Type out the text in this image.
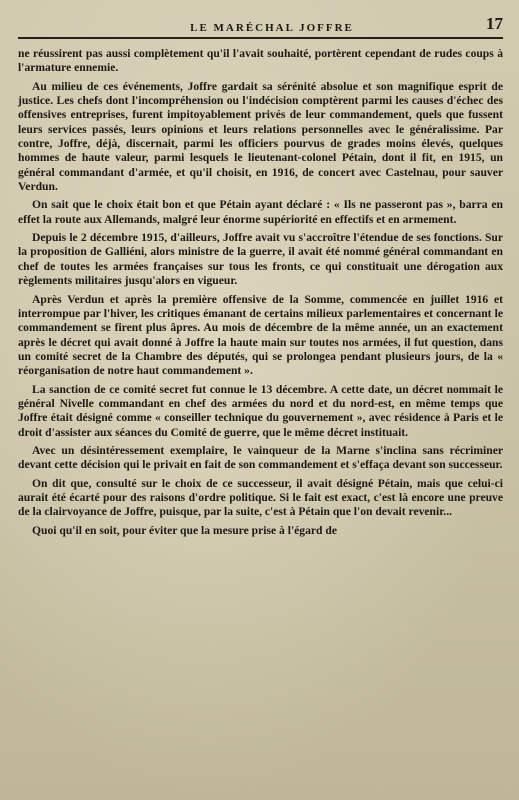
LE MARÉCHAL JOFFRE	17

ne réussirent pas aussi complètement qu'il l'avait souhaité, portèrent cependant de rudes coups à l'armature ennemie.

Au milieu de ces événements, Joffre gardait sa sérénité absolue et son magnifique esprit de justice. Les chefs dont l'incompréhension ou l'indécision comptèrent parmi les causes d'échec des offensives entreprises, furent impitoyablement privés de leur commandement, quels que fussent leurs services passés, leurs opinions et leurs relations personnelles avec le généralissime. Par contre, Joffre, déjà, discernait, parmi les officiers pourvus de grades moins élevés, quelques hommes de haute valeur, parmi lesquels le lieutenant-colonel Pétain, dont il fit, en 1915, un général commandant d'armée, et qu'il choisit, en 1916, de concert avec Castelnau, pour sauver Verdun.

On sait que le choix était bon et que Pétain ayant déclaré : « Ils ne passeront pas », barra en effet la route aux Allemands, malgré leur énorme supériorité en effectifs et en armement.

Depuis le 2 décembre 1915, d'ailleurs, Joffre avait vu s'accroître l'étendue de ses fonctions. Sur la proposition de Galliéni, alors ministre de la guerre, il avait été nommé général commandant en chef de toutes les armées françaises sur tous les fronts, ce qui constituait une dérogation aux règlements militaires jusqu'alors en vigueur.

Après Verdun et après la première offensive de la Somme, commencée en juillet 1916 et interrompue par l'hiver, les critiques émanant de certains milieux parlementaires et concernant le commandement se firent plus âpres. Au mois de décembre de la même année, un an exactement après le décret qui avait donné à Joffre la haute main sur toutes nos armées, il fut question, dans un comité secret de la Chambre des députés, qui se prolongea pendant plusieurs jours, de la « réorganisation de notre haut commandement ».

La sanction de ce comité secret fut connue le 13 décembre. A cette date, un décret nommait le général Nivelle commandant en chef des armées du nord et du nord-est, en même temps que Joffre était désigné comme « conseiller technique du gouvernement », avec résidence à Paris et le droit d'assister aux séances du Comité de guerre, que le même décret instituait.

Avec un désintéressement exemplaire, le vainqueur de la Marne s'inclina sans récriminer devant cette décision qui le privait en fait de son commandement et s'effaça devant son successeur.

On dit que, consulté sur le choix de ce successeur, il avait désigné Pétain, mais que celui-ci aurait été écarté pour des raisons d'ordre politique. Si le fait est exact, c'est là encore une preuve de la clairvoyance de Joffre, puisque, par la suite, c'est à Pétain que l'on devait revenir...

Quoi qu'il en soit, pour éviter que la mesure prise à l'égard de
